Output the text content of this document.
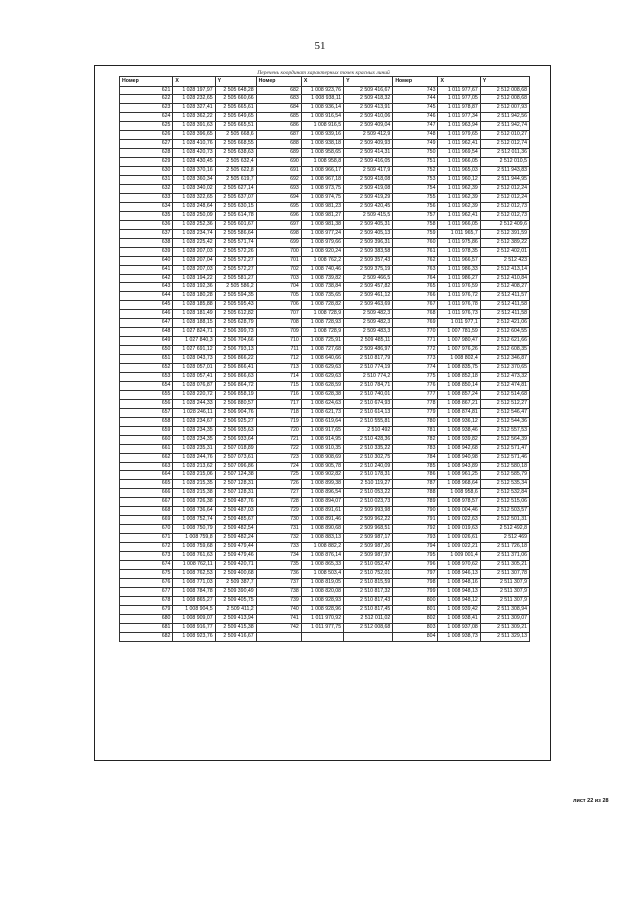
51
Перечень координат характерных точек красных линий
Номер	X	Y	Номер	X	Y	Номер	X	Y
621	1 028 197,97	2 505 648,28	682	1 008 923,76	2 509 416,67	743	1 011 977,67	2 512 008,68
622	1 028 232,65	2 505 660,66	683	1 008 938,11	2 509 418,32	744	1 011 977,05	2 512 008,68
623	1 028 327,41	2 505 665,61	684	1 008 936,14	2 509 413,91	745	1 011 978,87	2 512 007,93
624	1 028 362,22	2 505 649,65	685	1 008 916,54	2 509 410,06	746	1 011 977,34	2 511 942,56
625	1 028 391,63	2 505 665,51	686	1 008 916,5	2 509 409,04	747	1 011 963,94	2 511 942,74
626	1 028 396,65	2 505 668,6	687	1 008 939,16	2 509 412,9	748	1 011 979,65	2 512 010,27
627	1 028 410,76	2 505 668,55	688	1 008 938,18	2 509 409,93	749	1 011 962,41	2 512 012,74
628	1 028 420,73	2 505 638,63	689	1 008 958,65	2 509 414,31	750	1 011 969,54	2 512 011,36
629	1 028 430,45	2 505 632,4	690	1 008 958,8	2 509 416,05	751	1 011 966,05	2 512 010,5
630	1 028 370,16	2 505 622,8	691	1 008 966,17	2 509 417,9	752	1 011 965,03	2 511 943,83
631	1 028 360,34	2 505 619,7	692	1 008 967,18	2 509 418,08	753	1 011 960,12	2 511 944,95
632	1 028 340,02	2 505 627,14	693	1 008 973,75	2 509 419,08	754	1 011 962,39	2 512 012,24
633	1 028 322,65	2 505 637,07	694	1 008 974,75	2 509 419,29	755	1 011 962,39	2 512 012,24
634	1 028 248,64	2 505 630,15	695	1 008 981,23	2 509 420,45	756	1 011 962,39	2 512 012,73
635	1 028 250,09	2 505 614,78	696	1 008 981,27	2 509 415,5	757	1 011 962,41	2 512 012,73
636	1 028 252,36	2 505 601,67	697	1 008 981,38	2 509 405,31	758	1 011 966,05	2 512 409,6
637	1 028 234,74	2 505 586,64	698	1 008 977,24	2 509 405,13	759	1 011 965,7	2 512 391,59
638	1 028 225,42	2 505 571,74	699	1 008 979,66	2 509 396,31	760	1 011 975,86	2 512 389,22
639	1 028 207,03	2 505 572,26	700	1 008 920,24	2 509 383,58	761	1 011 978,35	2 512 402,01
640	1 028 207,04	2 505 572,27	701	1 008 762,2	2 509 357,43	762	1 011 966,57	2 512 423
641	1 028 207,03	2 505 572,27	702	1 008 740,46	2 509 375,19	763	1 011 986,33	2 512 413,14
642	1 028 194,22	2 505 581,27	703	1 008 739,82	2 509 466,5	764	1 011 986,27	2 512 410,84
643	1 028 192,36	2 505 586,2	704	1 008 738,84	2 509 457,82	765	1 011 976,59	2 512 408,27
644	1 028 180,28	2 505 594,35	705	1 008 735,65	2 509 461,12	766	1 011 976,72	2 512 411,57
645	1 028 185,88	2 505 595,43	706	1 008 728,82	2 509 463,69	767	1 011 976,78	2 512 411,58
646	1 028 181,49	2 505 612,82	707	1 008 728,9	2 509 482,3	768	1 011 976,73	2 512 411,58
647	1 028 188,15	2 505 628,79	708	1 008 728,93	2 509 482,3	769	1 011 977,1	2 512 421,06
648	1 027 824,71	2 506 399,73	709	1 008 728,9	2 509 483,3	770	1 007 781,59	2 512 604,55
649	1 027 840,3	2 506 704,66	710	1 008 725,91	2 509 485,11	771	1 007 980,47	2 512 621,66
650	1 027 691,12	2 506 793,13	711	1 008 727,68	2 509 486,97	772	1 007 976,26	2 512 608,35
651	1 028 043,73	2 506 866,22	712	1 008 640,66	2 510 817,79	773	1 008 802,4	2 512 346,87
652	1 028 057,01	2 506 866,41	713	1 008 629,63	2 510 774,19	774	1 008 835,75	2 512 370,65
653	1 028 057,41	2 506 866,63	714	1 008 629,63	2 510 774,2	775	1 008 852,18	2 512 473,32
654	1 028 076,87	2 506 864,72	715	1 008 628,59	2 510 784,71	776	1 008 850,14	2 512 474,81
655	1 028 220,72	2 506 858,19	716	1 008 628,38	2 510 740,01	777	1 008 857,24	2 512 514,68
656	1 028 244,33	2 506 880,57	717	1 008 624,63	2 510 674,93	778	1 008 867,21	2 512 512,27
657	1 028 246,11	2 506 904,76	718	1 008 621,73	2 510 614,13	779	1 008 874,81	2 512 546,47
658	1 028 234,67	2 506 925,27	719	1 008 619,64	2 510 555,81	780	1 008 936,12	2 512 544,36
659	1 028 234,35	2 506 935,63	720	1 008 917,65	2 510 492	781	1 008 938,46	2 512 557,53
660	1 028 234,35	2 506 933,64	721	1 008 914,95	2 510 428,36	782	1 008 939,82	2 512 564,39
661	1 028 235,31	2 507 018,89	722	1 008 910,35	2 510 335,22	783	1 008 942,68	2 512 571,47
662	1 028 244,76	2 507 073,61	723	1 008 908,69	2 510 302,75	784	1 008 940,98	2 512 571,46
663	1 028 213,62	2 507 096,86	724	1 008 905,78	2 510 240,09	785	1 008 943,89	2 512 580,18
664	1 028 215,06	2 507 124,38	725	1 008 902,82	2 510 178,31	786	1 008 961,25	2 512 585,79
665	1 028 215,35	2 507 128,31	726	1 008 899,38	2 510 119,27	787	1 008 968,64	2 512 535,34
666	1 028 215,38	2 507 128,31	727	1 008 896,54	2 510 053,22	788	1 008 958,6	2 512 532,84
667	1 008 726,38	2 509 487,76	728	1 008 894,07	2 510 023,73	789	1 008 978,57	2 512 515,06
668	1 008 736,64	2 509 487,03	729	1 008 891,61	2 509 993,98	790	1 009 004,46	2 512 503,57
669	1 008 752,74	2 509 485,67	730	1 008 891,46	2 509 962,22	791	1 009 022,63	2 512 501,31
670	1 008 750,79	2 509 482,54	731	1 008 890,68	2 509 968,51	792	1 009 019,63	2 512 492,8
671	1 008 759,8	2 509 482,24	732	1 008 883,13	2 509 987,17	793	1 009 026,61	2 512 469
672	1 008 759,68	2 509 479,44	733	1 008 882,2	2 509 987,26	794	1 009 022,21	2 511 726,18
673	1 008 761,63	2 509 479,46	734	1 008 876,14	2 509 987,97	795	1 009 001,4	2 511 371,06
674	1 008 762,11	2 509 420,71	735	1 008 865,33	2 510 052,47	796	1 008 970,62	2 511 305,21
675	1 008 762,53	2 509 400,68	736	1 008 503,4	2 510 752,01	797	1 008 946,13	2 511 307,78
676	1 008 771,03	2 509 387,7	737	1 008 819,05	2 510 815,59	798	1 008 948,16	2 511 307,9
677	1 008 784,78	2 509 390,49	738	1 008 820,08	2 510 817,32	799	1 008 948,13	2 511 307,9
678	1 008 865,27	2 509 405,75	739	1 008 928,93	2 510 817,43	800	1 008 948,12	2 511 307,9
679	1 008 904,5	2 509 411,2	740	1 008 928,96	2 510 817,45	801	1 008 939,42	2 511 308,94
680	1 008 909,07	2 509 413,94	741	1 011 970,92	2 512 011,02	802	1 008 938,41	2 511 309,07
681	1 008 916,77	2 509 415,38	742	1 011 977,75	2 512 008,68	803	1 008 937,08	2 511 309,21
682	1 008 923,76	2 509 416,67				804	1 008 938,73	2 511 329,13
лист 22 из 28
